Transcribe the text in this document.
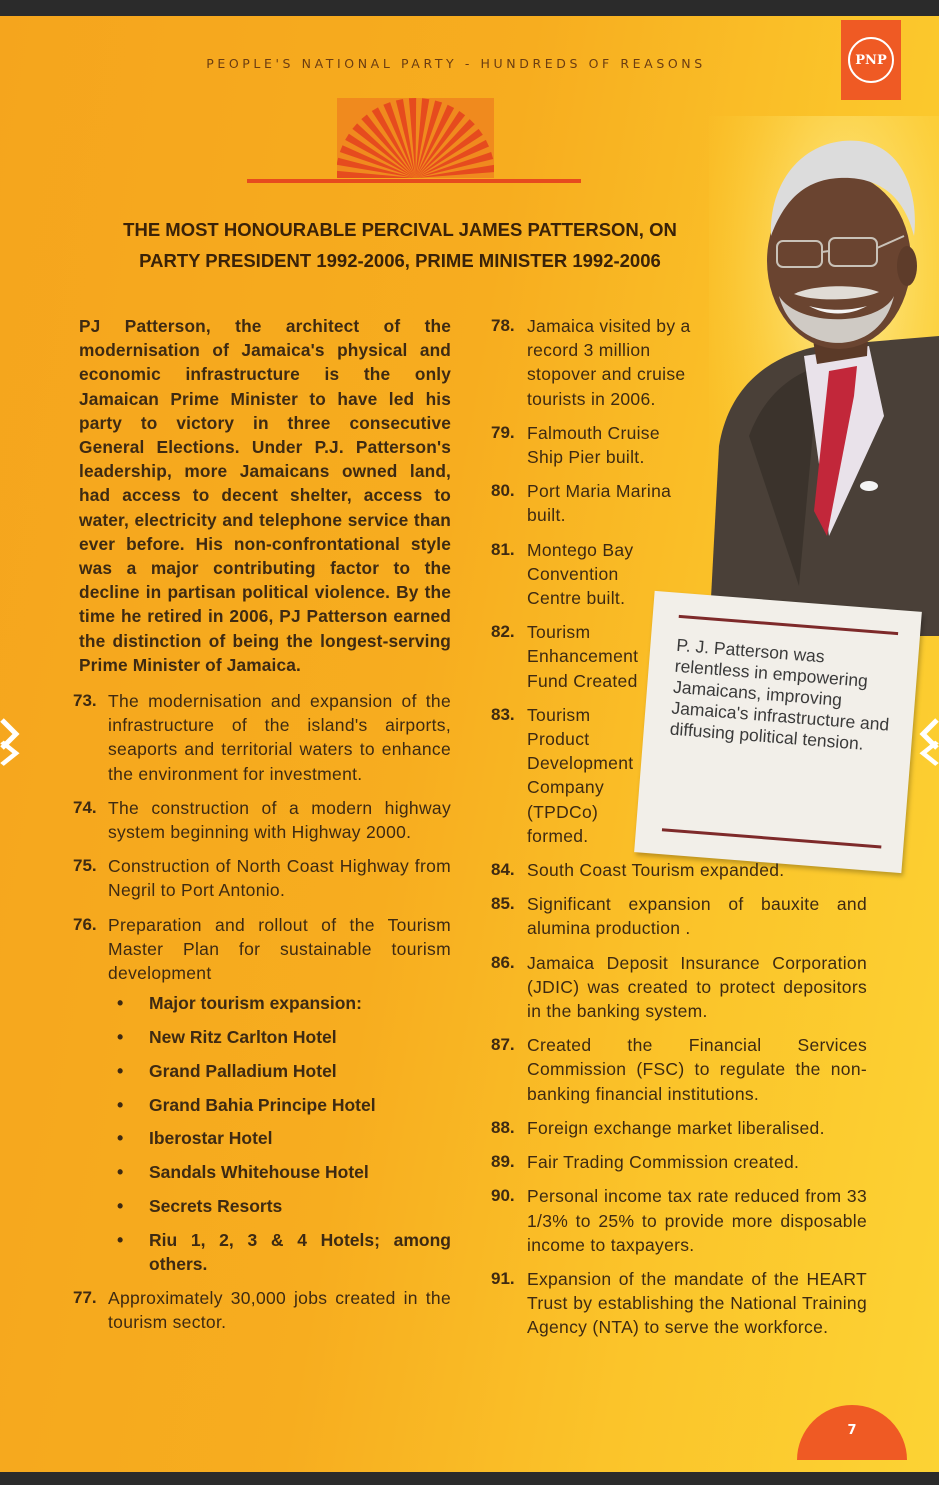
PEOPLE'S NATIONAL PARTY - HUNDREDS OF REASONS	PNP
THE MOST HONOURABLE PERCIVAL JAMES PATTERSON, ON
PARTY PRESIDENT 1992-2006, PRIME MINISTER 1992-2006

PJ Patterson, the architect of the modernisation of Jamaica's physical and economic infrastructure is the only Jamaican Prime Minister to have led his party to victory in three consecutive General Elections. Under P.J. Patterson's leadership, more Jamaicans owned land, had access to decent shelter, access to water, electricity and telephone service than ever before. His non-confrontational style was a major contributing factor to the decline in partisan political violence. By the time he retired in 2006, PJ Patterson earned the distinction of being the longest-serving Prime Minister of Jamaica.

73. The modernisation and expansion of the infrastructure of the island's airports, seaports and territorial waters to enhance the environment for investment.
74. The construction of a modern highway system beginning with Highway 2000.
75. Construction of North Coast Highway from Negril to Port Antonio.
76. Preparation and rollout of the Tourism Master Plan for sustainable tourism development
• Major tourism expansion:
• New Ritz Carlton Hotel
• Grand Palladium Hotel
• Grand Bahia Principe Hotel
• Iberostar Hotel
• Sandals Whitehouse Hotel
• Secrets Resorts
• Riu 1, 2, 3 & 4 Hotels; among others.
77. Approximately 30,000 jobs created in the tourism sector.
78. Jamaica visited by a record 3 million stopover and cruise tourists in 2006.
79. Falmouth Cruise Ship Pier built.
80. Port Maria Marina built.
81. Montego Bay Convention Centre built.
82. Tourism Enhancement Fund Created
83. Tourism Product Development Company (TPDCo) formed.
84. South Coast Tourism expanded.
85. Significant expansion of bauxite and alumina production .
86. Jamaica Deposit Insurance Corporation (JDIC) was created to protect depositors in the banking system.
87. Created the Financial Services Commission (FSC) to regulate the non-banking financial institutions.
88. Foreign exchange market liberalised.
89. Fair Trading Commission created.
90. Personal income tax rate reduced from 33 1/3% to 25% to provide more disposable income to taxpayers.
91. Expansion of the mandate of the HEART Trust by establishing the National Training Agency (NTA) to serve the workforce.
P. J. Patterson was relentless in empowering Jamaicans, improving Jamaica's infrastructure and diffusing political tension.
7
